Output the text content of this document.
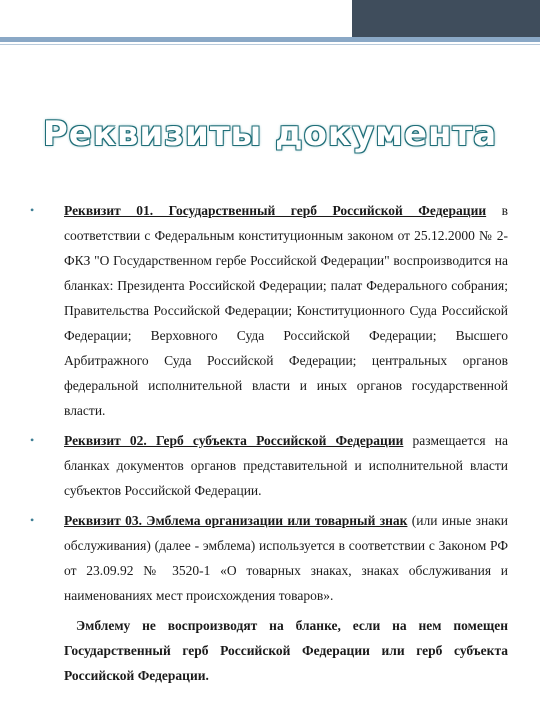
Реквизиты документа
• Реквизит 01. Государственный герб Российской Федерации в соответствии с Федеральным конституционным законом от 25.12.2000 № 2-ФКЗ "О Государственном гербе Российской Федерации" воспроизводится на бланках: Президента Российской Федерации; палат Федерального собрания; Правительства Российской Федерации; Конституционного Суда Российской Федерации; Верховного Суда Российской Федерации; Высшего Арбитражного Суда Российской Федерации; центральных органов федеральной исполнительной власти и иных органов государственной власти.
• Реквизит 02. Герб субъекта Российской Федерации размещается на бланках документов органов представительной и исполнительной власти субъектов Российской Федерации.
• Реквизит 03. Эмблема организации или товарный знак (или иные знаки обслуживания) (далее - эмблема) используется в соответствии с Законом РФ от 23.09.92 № 3520-1 «О товарных знаках, знаках обслуживания и наименованиях мест происхождения товаров».
Эмблему не воспроизводят на бланке, если на нем помещен Государственный герб Российской Федерации или герб субъекта Российской Федерации.
